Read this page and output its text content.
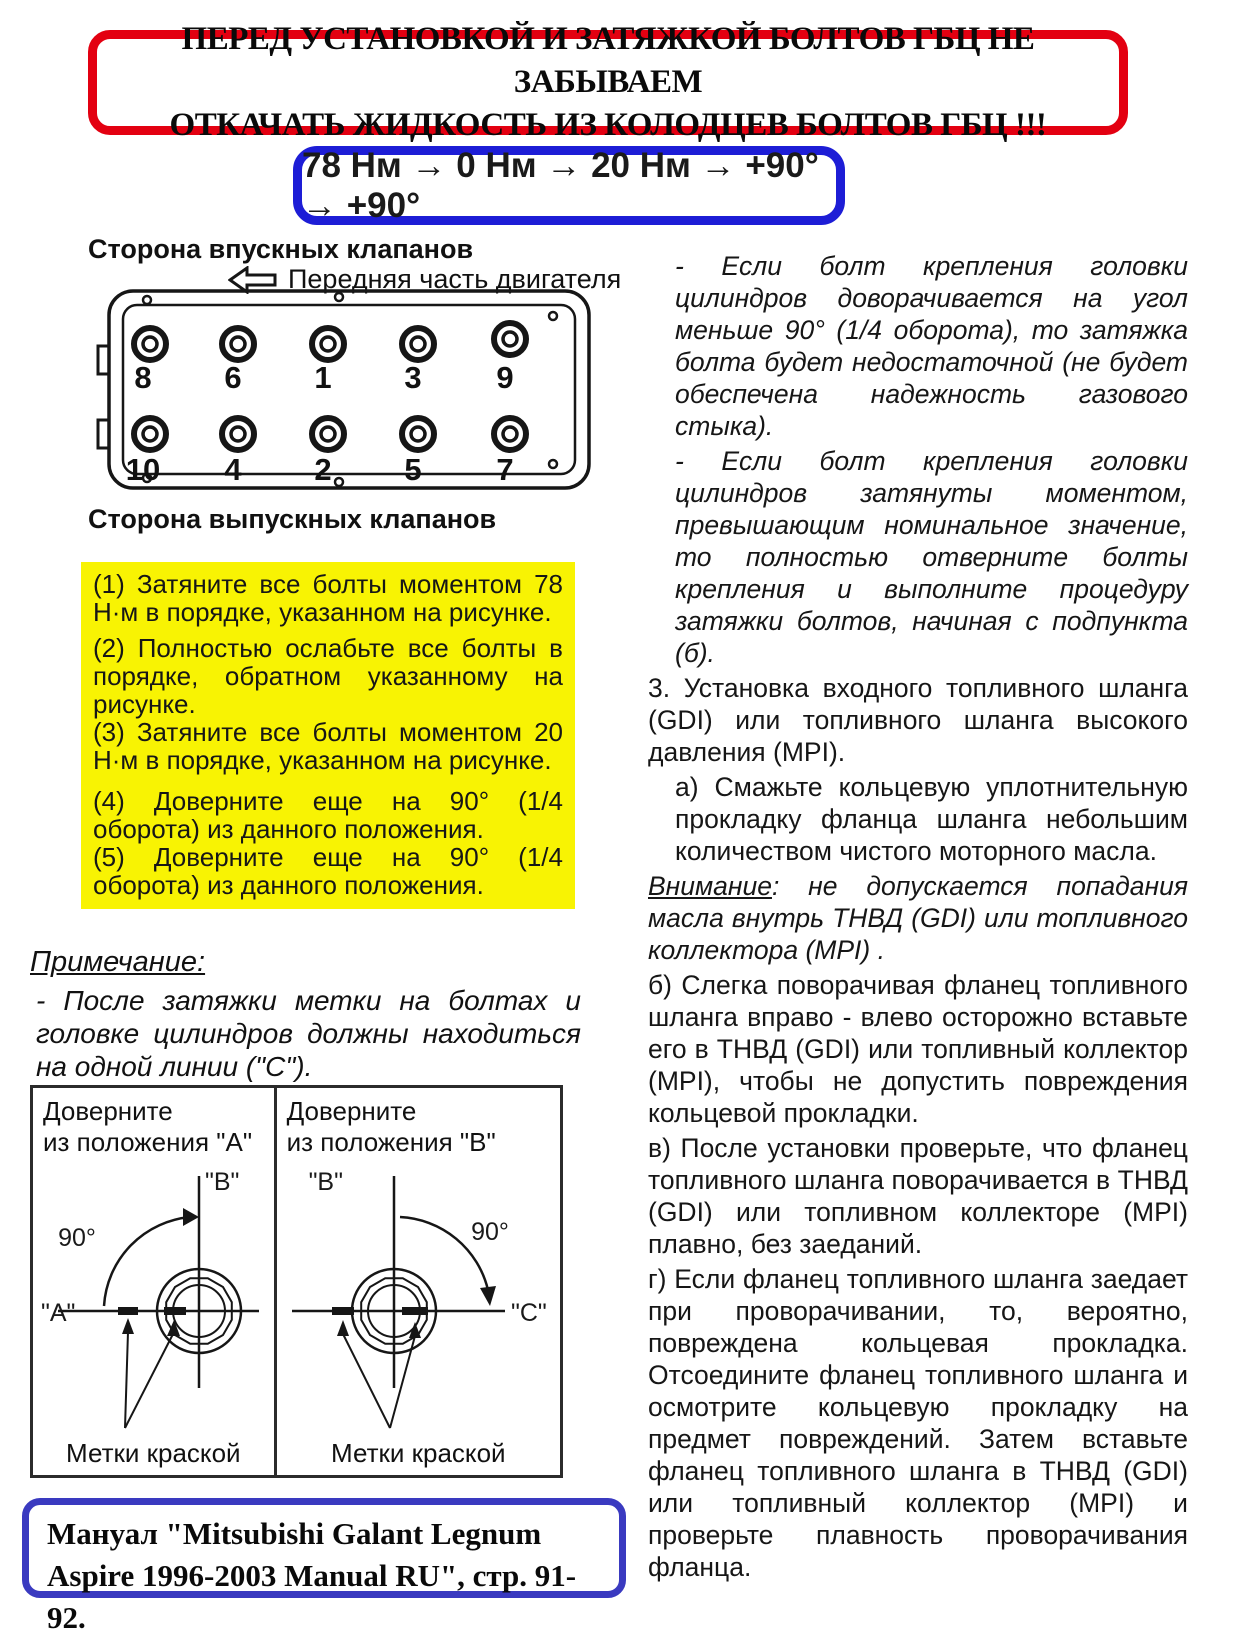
ПЕРЕД УСТАНОВКОЙ И ЗАТЯЖКОЙ БОЛТОВ ГБЦ НЕ ЗАБЫВАЕМ
ОТКАЧАТЬ ЖИДКОСТЬ ИЗ КОЛОДЦЕВ БОЛТОВ ГБЦ !!!
78 Нм → 0 Нм → 20 Нм → +90° → +90°
Сторона впускных клапанов
Передняя часть двигателя
8 6 1 3 9
10 4 2 5 7
Сторона выпускных клапанов

(1) Затяните все болты моментом 78 Н·м в порядке, указанном на рисунке.

(2) Полностью ослабьте все болты в порядке, обратном указанному на рисунке.

(3) Затяните все болты моментом 20 Н·м в порядке, указанном на рисунке.

(4) Доверните еще на 90° (1/4 оборота) из данного положения.

(5) Доверните еще на 90° (1/4 оборота) из данного положения.

Примечание:
- После затяжки метки на болтах и головке цилиндров должны находиться на одной линии ("С").
Доверните
из положения "А"
90°
"В"
"А"
Метки краской
Доверните
из положения "В"
90°
"В"
"С"
Метки краской
Мануал "Mitsubishi Galant Legnum
Aspire 1996-2003 Manual RU", стр. 91-92.

- Если болт крепления головки цилиндров доворачивается на угол меньше 90° (1/4 оборота), то затяжка болта будет недостаточной (не будет обеспечена надежность газового стыка).

- Если болт крепления головки цилиндров затянуты моментом, превышающим номинальное значение, то полностью отверните болты крепления и выполните процедуру затяжки болтов, начиная с подпункта (б).

3. Установка входного топливного шланга (GDI) или топливного шланга высокого давления (MPI).

а) Смажьте кольцевую уплотнительную прокладку фланца шланга небольшим количеством чистого моторного масла.

Внимание: не допускается попадания масла внутрь ТНВД (GDI) или топливного коллектора (MPI) .

б) Слегка поворачивая фланец топливного шланга вправо - влево осторожно вставьте его в ТНВД (GDI) или топливный коллектор (MPI), чтобы не допустить повреждения кольцевой прокладки.

в) После установки проверьте, что фланец топливного шланга поворачивается в ТНВД (GDI) или топливном коллекторе (MPI) плавно, без заеданий.

г) Если фланец топливного шланга заедает при проворачивании, то, вероятно, повреждена кольцевая прокладка. Отсоедините фланец топливного шланга и осмотрите кольцевую прокладку на предмет повреждений. Затем вставьте фланец топливного шланга в ТНВД (GDI) или топливный коллектор (MPI) и проверьте плавность проворачивания фланца.
